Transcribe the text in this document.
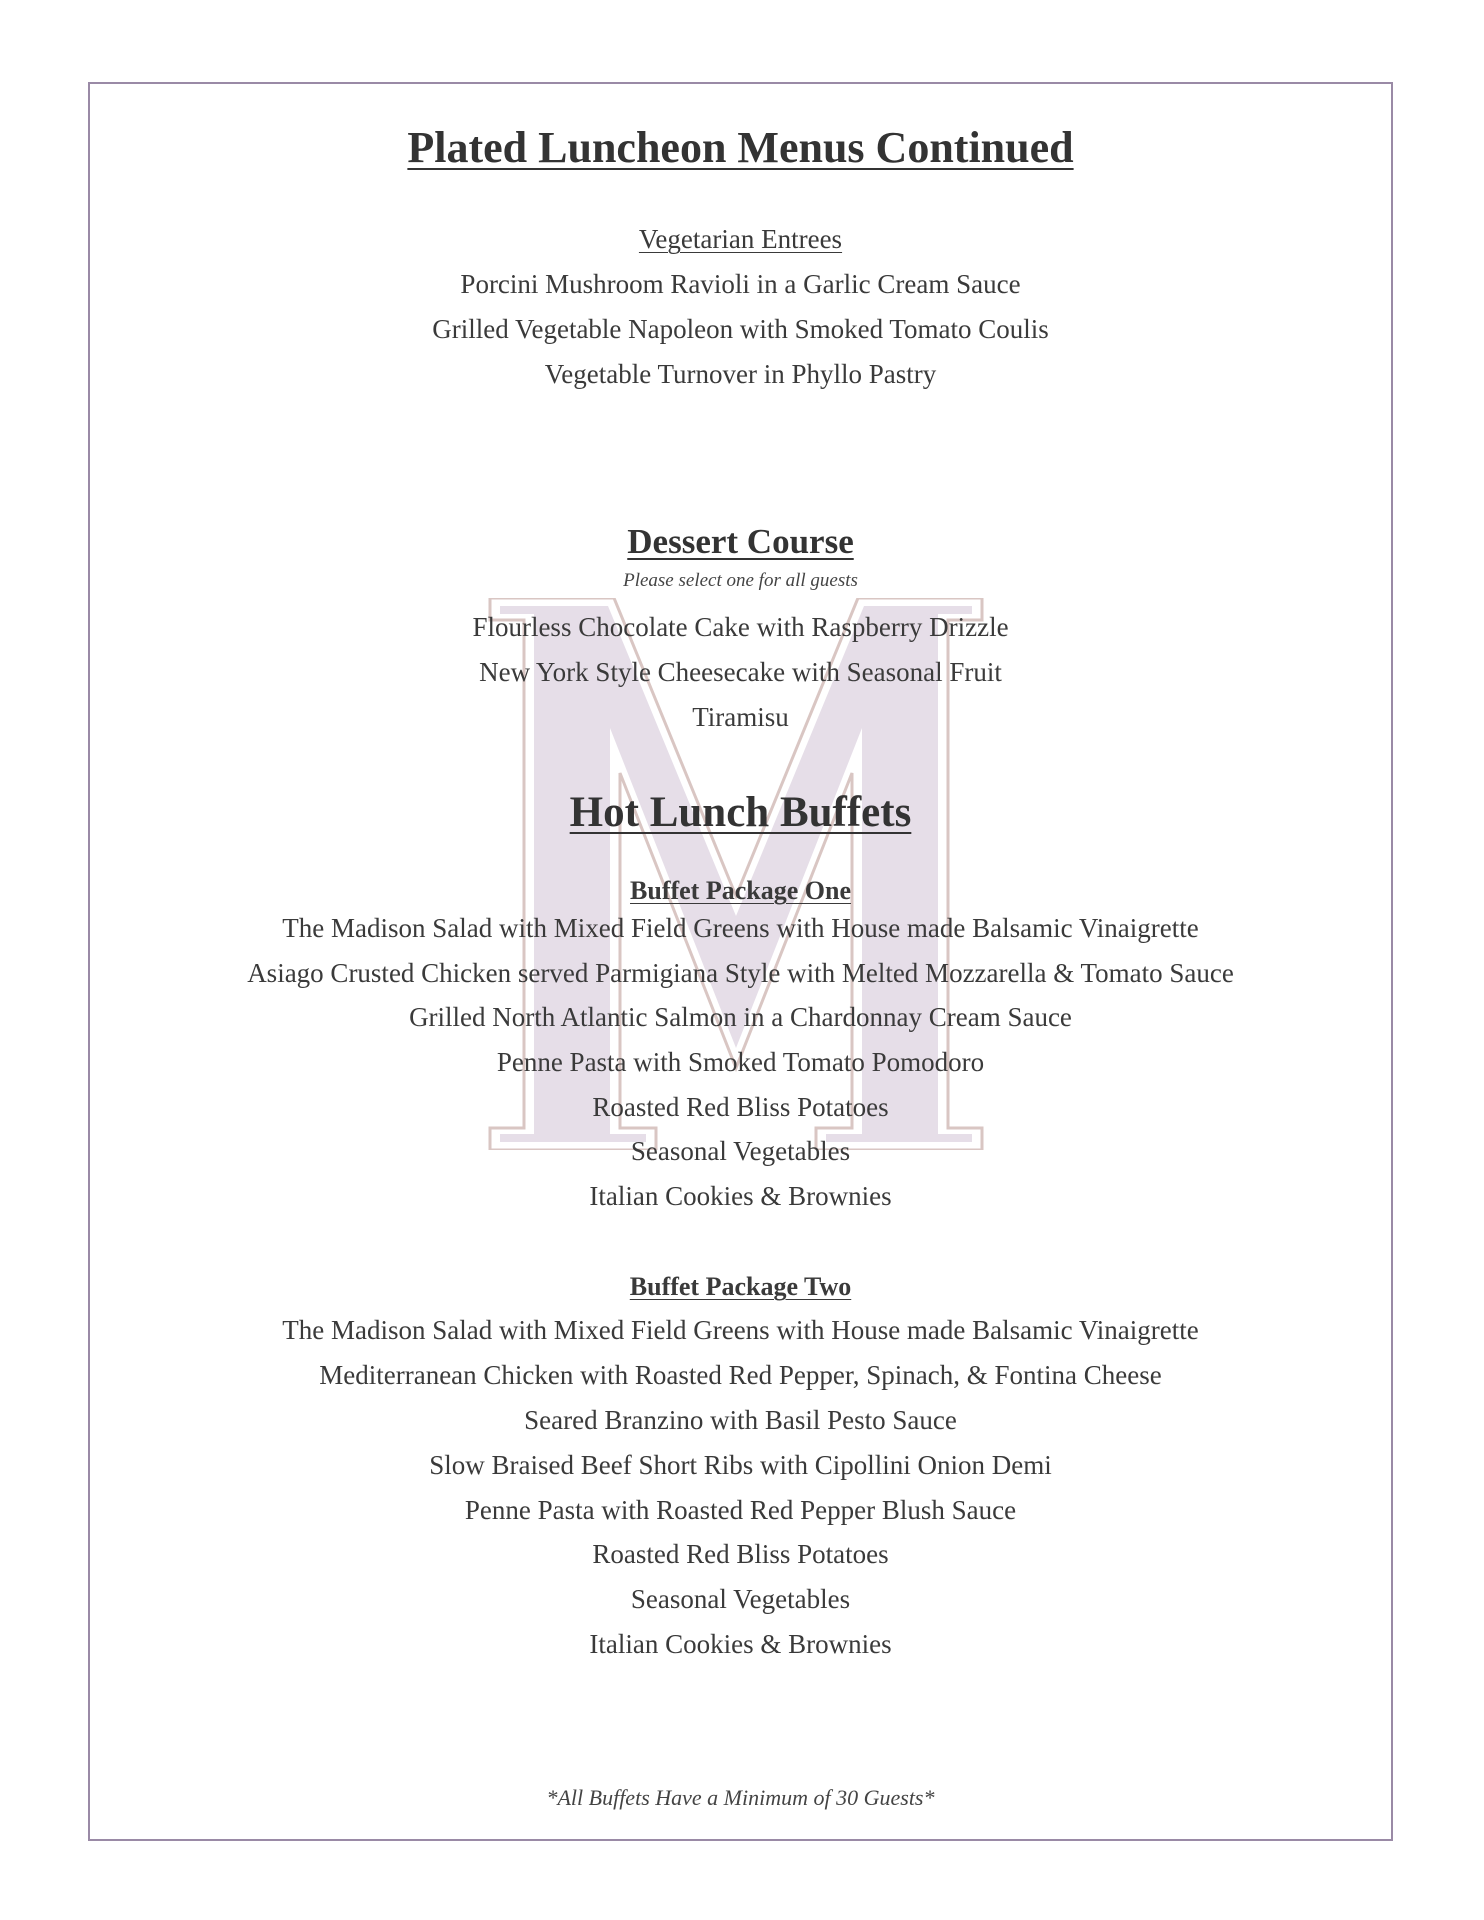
Plated Luncheon Menus Continued
Vegetarian Entrees
Porcini Mushroom Ravioli in a Garlic Cream Sauce
Grilled Vegetable Napoleon with Smoked Tomato Coulis
Vegetable Turnover in Phyllo Pastry
Dessert Course
Please select one for all guests
Flourless Chocolate Cake with Raspberry Drizzle
New York Style Cheesecake with Seasonal Fruit
Tiramisu
Hot Lunch Buffets
Buffet Package One
The Madison Salad with Mixed Field Greens with House made Balsamic Vinaigrette
Asiago Crusted Chicken served Parmigiana Style with Melted Mozzarella & Tomato Sauce
Grilled North Atlantic Salmon in a Chardonnay Cream Sauce
Penne Pasta with Smoked Tomato Pomodoro
Roasted Red Bliss Potatoes
Seasonal Vegetables
Italian Cookies & Brownies
Buffet Package Two
The Madison Salad with Mixed Field Greens with House made Balsamic Vinaigrette
Mediterranean Chicken with Roasted Red Pepper, Spinach, & Fontina Cheese
Seared Branzino with Basil Pesto Sauce
Slow Braised Beef Short Ribs with Cipollini Onion Demi
Penne Pasta with Roasted Red Pepper Blush Sauce
Roasted Red Bliss Potatoes
Seasonal Vegetables
Italian Cookies & Brownies
*All Buffets Have a Minimum of 30 Guests*
